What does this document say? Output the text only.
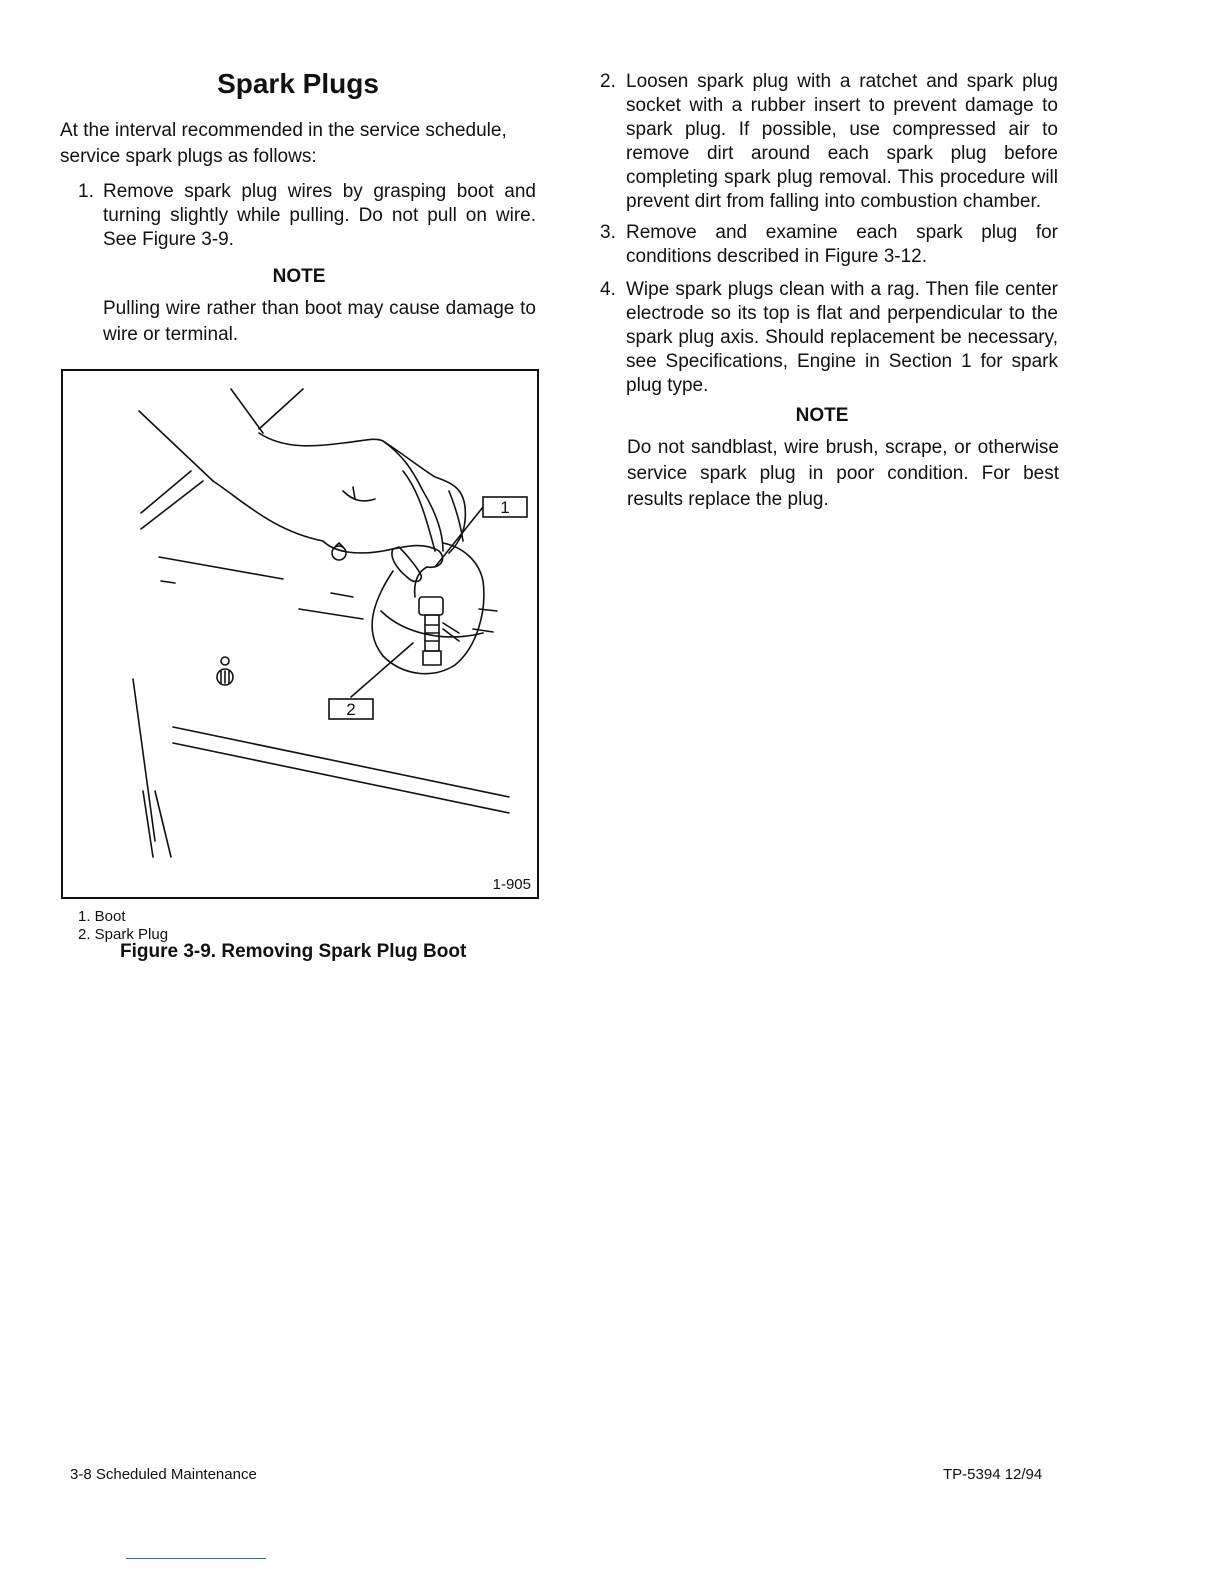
Spark Plugs

At the interval recommended in the service schedule, service spark plugs as follows:

1. Remove spark plug wires by grasping boot and turning slightly while pulling. Do not pull on wire. See Figure 3-9.
NOTE
Pulling wire rather than boot may cause damage to wire or terminal.
1
2
1-905
1. Boot
2. Spark Plug
Figure 3-9. Removing Spark Plug Boot
2. Loosen spark plug with a ratchet and spark plug socket with a rubber insert to prevent damage to spark plug. If possible, use compressed air to remove dirt around each spark plug before completing spark plug removal. This procedure will prevent dirt from falling into combustion chamber.
3. Remove and examine each spark plug for conditions described in Figure 3-12.
4. Wipe spark plugs clean with a rag. Then file center electrode so its top is flat and perpendicular to the spark plug axis. Should replacement be necessary, see Specifications, Engine in Section 1 for spark plug type.
NOTE
Do not sandblast, wire brush, scrape, or otherwise service spark plug in poor condition. For best results replace the plug.
3-8 Scheduled Maintenance	TP-5394 12/94
